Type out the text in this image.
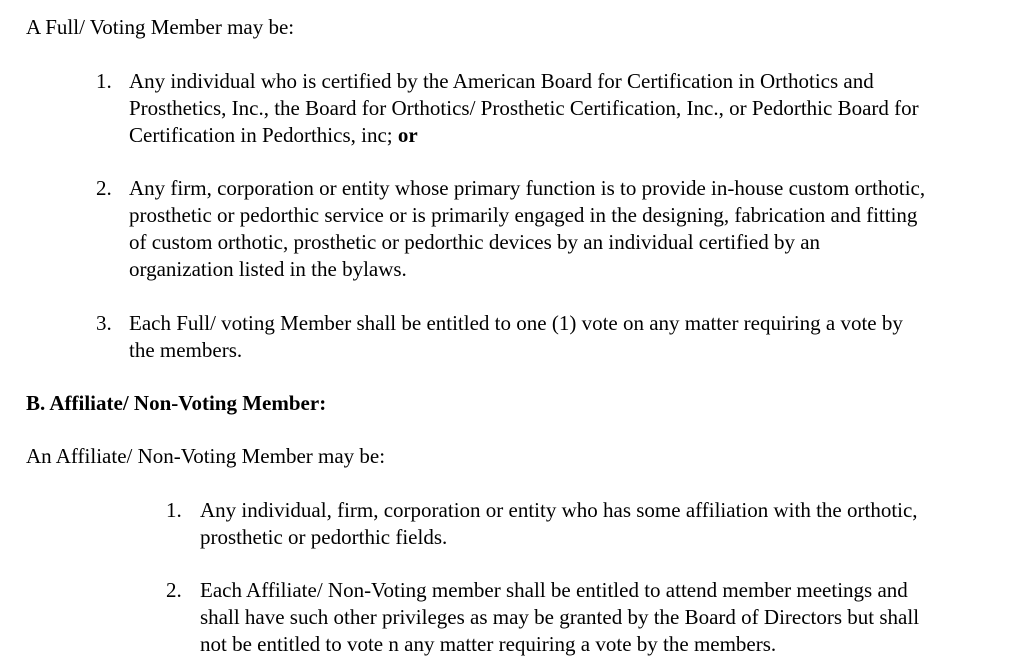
A Full/ Voting Member may be:

1. Any individual who is certified by the American Board for Certification in Orthotics and
Prosthetics, Inc., the Board for Orthotics/ Prosthetic Certification, Inc., or Pedorthic Board for
Certification in Pedorthics, inc; or
2. Any firm, corporation or entity whose primary function is to provide in-house custom orthotic,
prosthetic or pedorthic service or is primarily engaged in the designing, fabrication and fitting
of custom orthotic, prosthetic or pedorthic devices by an individual certified by an
organization listed in the bylaws.
3. Each Full/ voting Member shall be entitled to one (1) vote on any matter requiring a vote by
the members.

B. Affiliate/ Non-Voting Member:

An Affiliate/ Non-Voting Member may be:

1. Any individual, firm, corporation or entity who has some affiliation with the orthotic,
prosthetic or pedorthic fields.
2. Each Affiliate/ Non-Voting member shall be entitled to attend member meetings and
shall have such other privileges as may be granted by the Board of Directors but shall
not be entitled to vote n any matter requiring a vote by the members.
